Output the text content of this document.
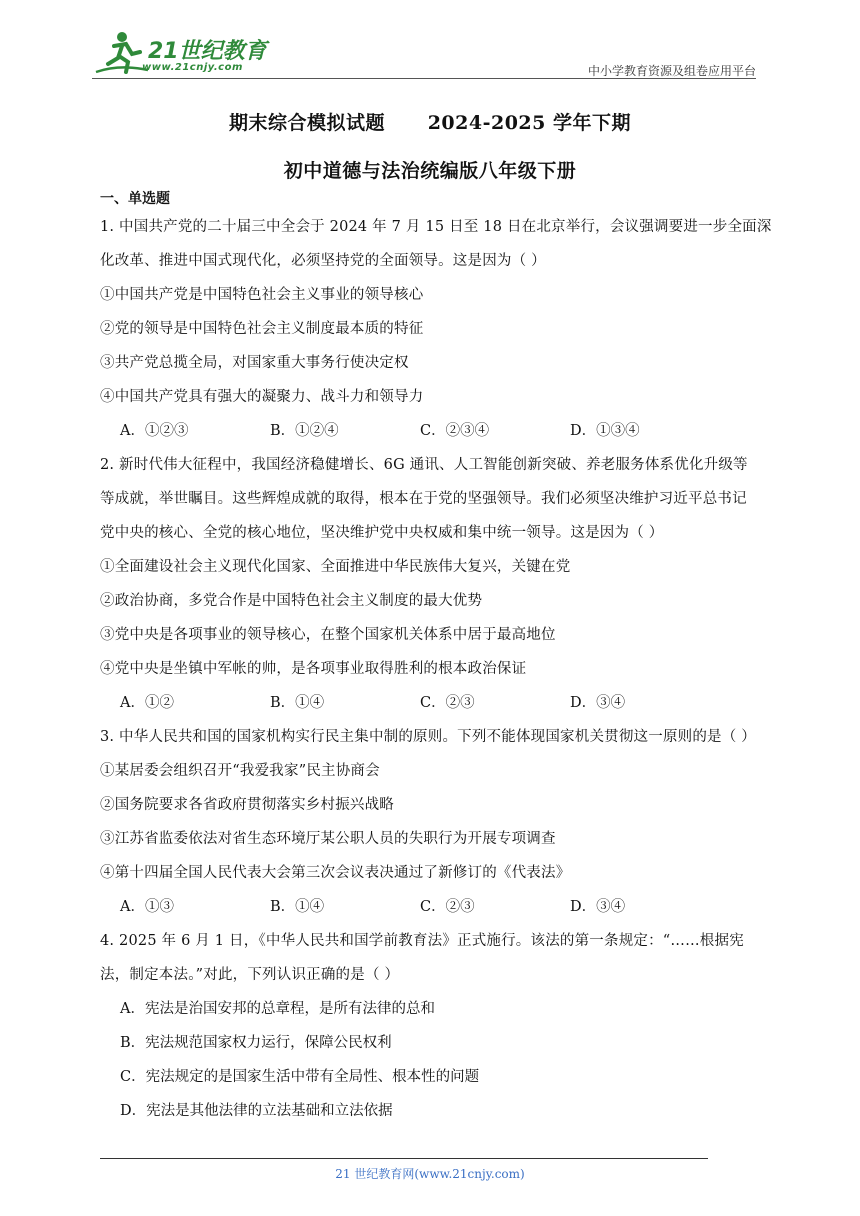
21世纪教育
www.21cnjy.com	中小学教育资源及组卷应用平台
期末综合模拟试题      2024-2025 学年下期
初中道德与法治统编版八年级下册
一、单选题
1. 中国共产党的二十届三中全会于 2024 年 7 月 15 日至 18 日在北京举行，会议强调要进一步全面深
化改革、推进中国式现代化，必须坚持党的全面领导。这是因为（ ）
①中国共产党是中国特色社会主义事业的领导核心
②党的领导是中国特色社会主义制度最本质的特征
③共产党总揽全局，对国家重大事务行使决定权
④中国共产党具有强大的凝聚力、战斗力和领导力
A．①②③	B．①②④	C．②③④	D．①③④
2. 新时代伟大征程中，我国经济稳健增长、6G 通讯、人工智能创新突破、养老服务体系优化升级等
等成就，举世瞩目。这些辉煌成就的取得，根本在于党的坚强领导。我们必须坚决维护习近平总书记
党中央的核心、全党的核心地位，坚决维护党中央权威和集中统一领导。这是因为（ ）
①全面建设社会主义现代化国家、全面推进中华民族伟大复兴，关键在党
②政治协商，多党合作是中国特色社会主义制度的最大优势
③党中央是各项事业的领导核心，在整个国家机关体系中居于最高地位
④党中央是坐镇中军帐的帅，是各项事业取得胜利的根本政治保证
A．①②	B．①④	C．②③	D．③④
3. 中华人民共和国的国家机构实行民主集中制的原则。下列不能体现国家机关贯彻这一原则的是（ ）
①某居委会组织召开“我爱我家”民主协商会
②国务院要求各省政府贯彻落实乡村振兴战略
③江苏省监委依法对省生态环境厅某公职人员的失职行为开展专项调查
④第十四届全国人民代表大会第三次会议表决通过了新修订的《代表法》
A．①③	B．①④	C．②③	D．③④
4. 2025 年 6 月 1 日，《中华人民共和国学前教育法》正式施行。该法的第一条规定：“……根据宪
法，制定本法。”对此，下列认识正确的是（ ）
A．宪法是治国安邦的总章程，是所有法律的总和
B．宪法规范国家权力运行，保障公民权利
C．宪法规定的是国家生活中带有全局性、根本性的问题
D．宪法是其他法律的立法基础和立法依据
21 世纪教育网(www.21cnjy.com)
